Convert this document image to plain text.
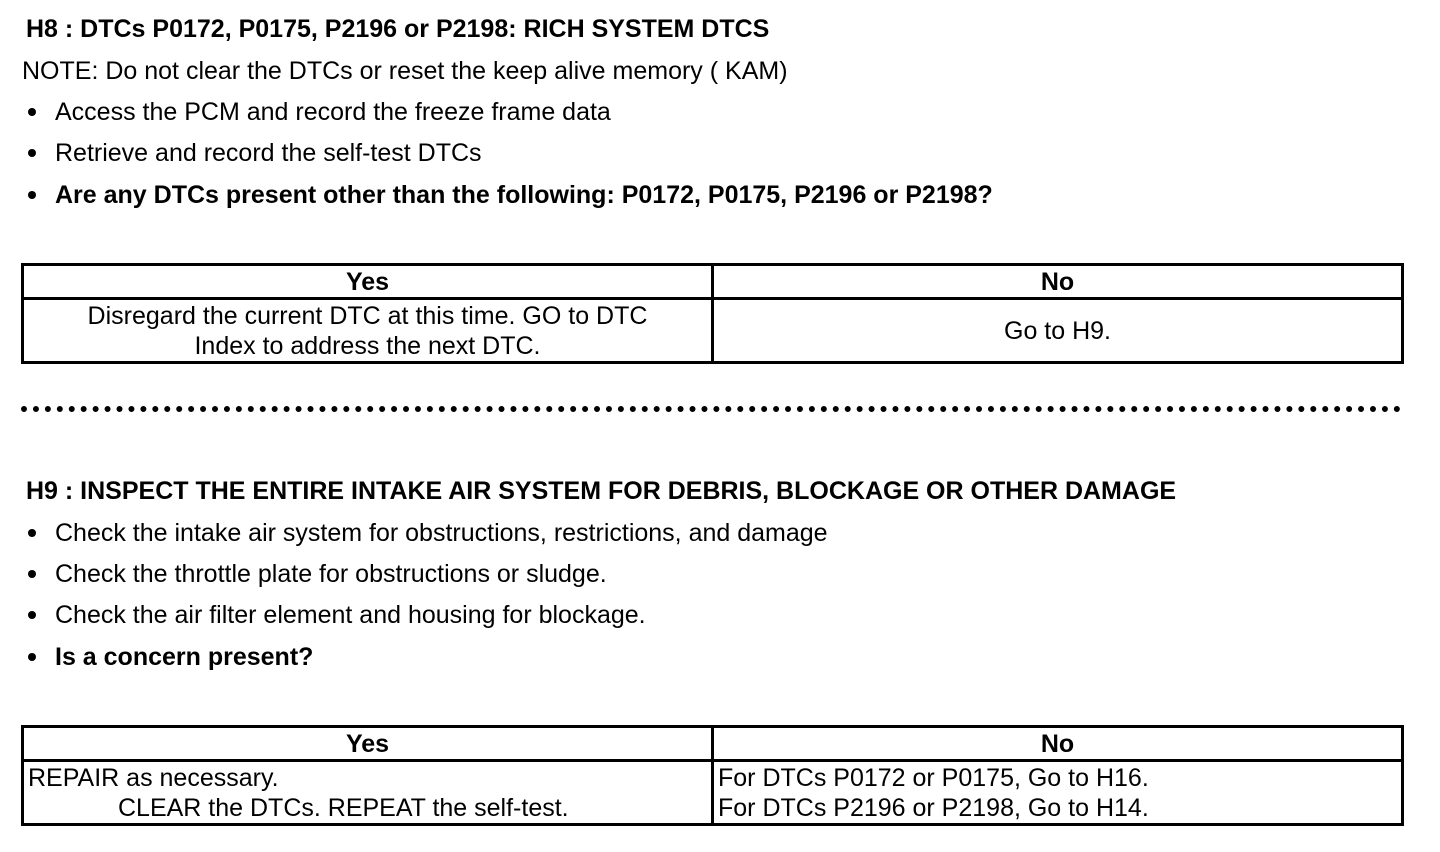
H8 : DTCs P0172, P0175, P2196 or P2198: RICH SYSTEM DTCS
NOTE: Do not clear the DTCs or reset the keep alive memory ( KAM)
Access the PCM and record the freeze frame data
Retrieve and record the self-test DTCs
Are any DTCs present other than the following: P0172, P0175, P2196 or P2198?
Yes	No

Disregard the current DTC at this time. GO to DTC
Index to address the next DTC.	Go to H9.
H9 : INSPECT THE ENTIRE INTAKE AIR SYSTEM FOR DEBRIS, BLOCKAGE OR OTHER DAMAGE
Check the intake air system for obstructions, restrictions, and damage
Check the throttle plate for obstructions or sludge.
Check the air filter element and housing for blockage.
Is a concern present?
Yes	No

REPAIR as necessary.
CLEAR the DTCs. REPEAT the self-test.	For DTCs P0172 or P0175, Go to H16.
For DTCs P2196 or P2198, Go to H14.
